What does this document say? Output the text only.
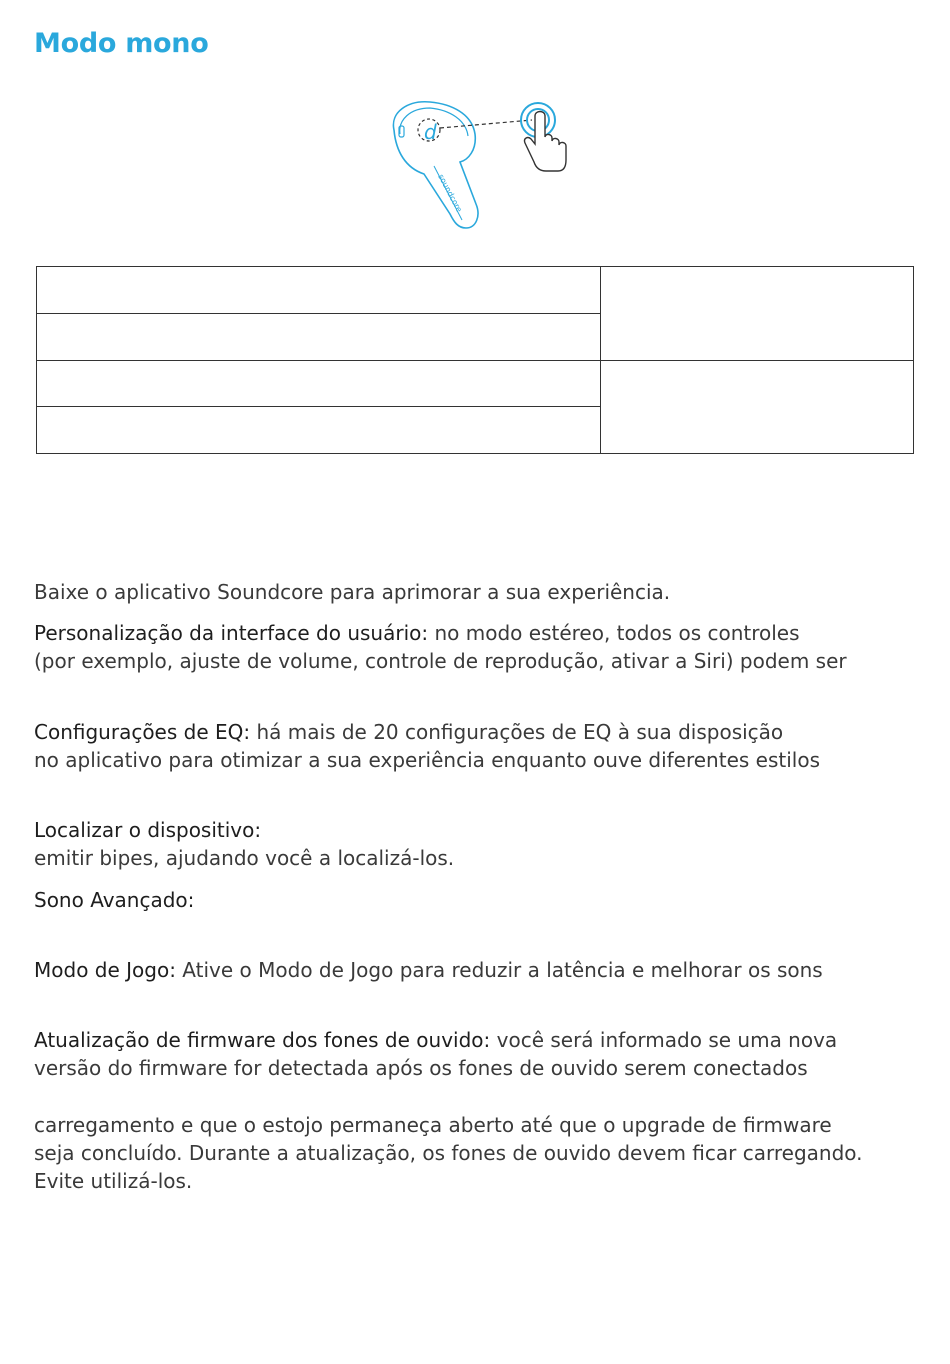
Modo mono
d
soundcore

Baixe o aplicativo Soundcore para aprimorar a sua experiência.
Personalização da interface do usuário: no modo estéreo, todos os controles
(por exemplo, ajuste de volume, controle de reprodução, ativar a Siri) podem ser
Configurações de EQ: há mais de 20 configurações de EQ à sua disposição
no aplicativo para otimizar a sua experiência enquanto ouve diferentes estilos
Localizar o dispositivo:
emitir bipes, ajudando você a localizá-los.
Sono Avançado:
Modo de Jogo: Ative o Modo de Jogo para reduzir a latência e melhorar os sons
Atualização de firmware dos fones de ouvido: você será informado se uma nova
versão do firmware for detectada após os fones de ouvido serem conectados
carregamento e que o estojo permaneça aberto até que o upgrade de firmware
seja concluído. Durante a atualização, os fones de ouvido devem ficar carregando.
Evite utilizá-los.
